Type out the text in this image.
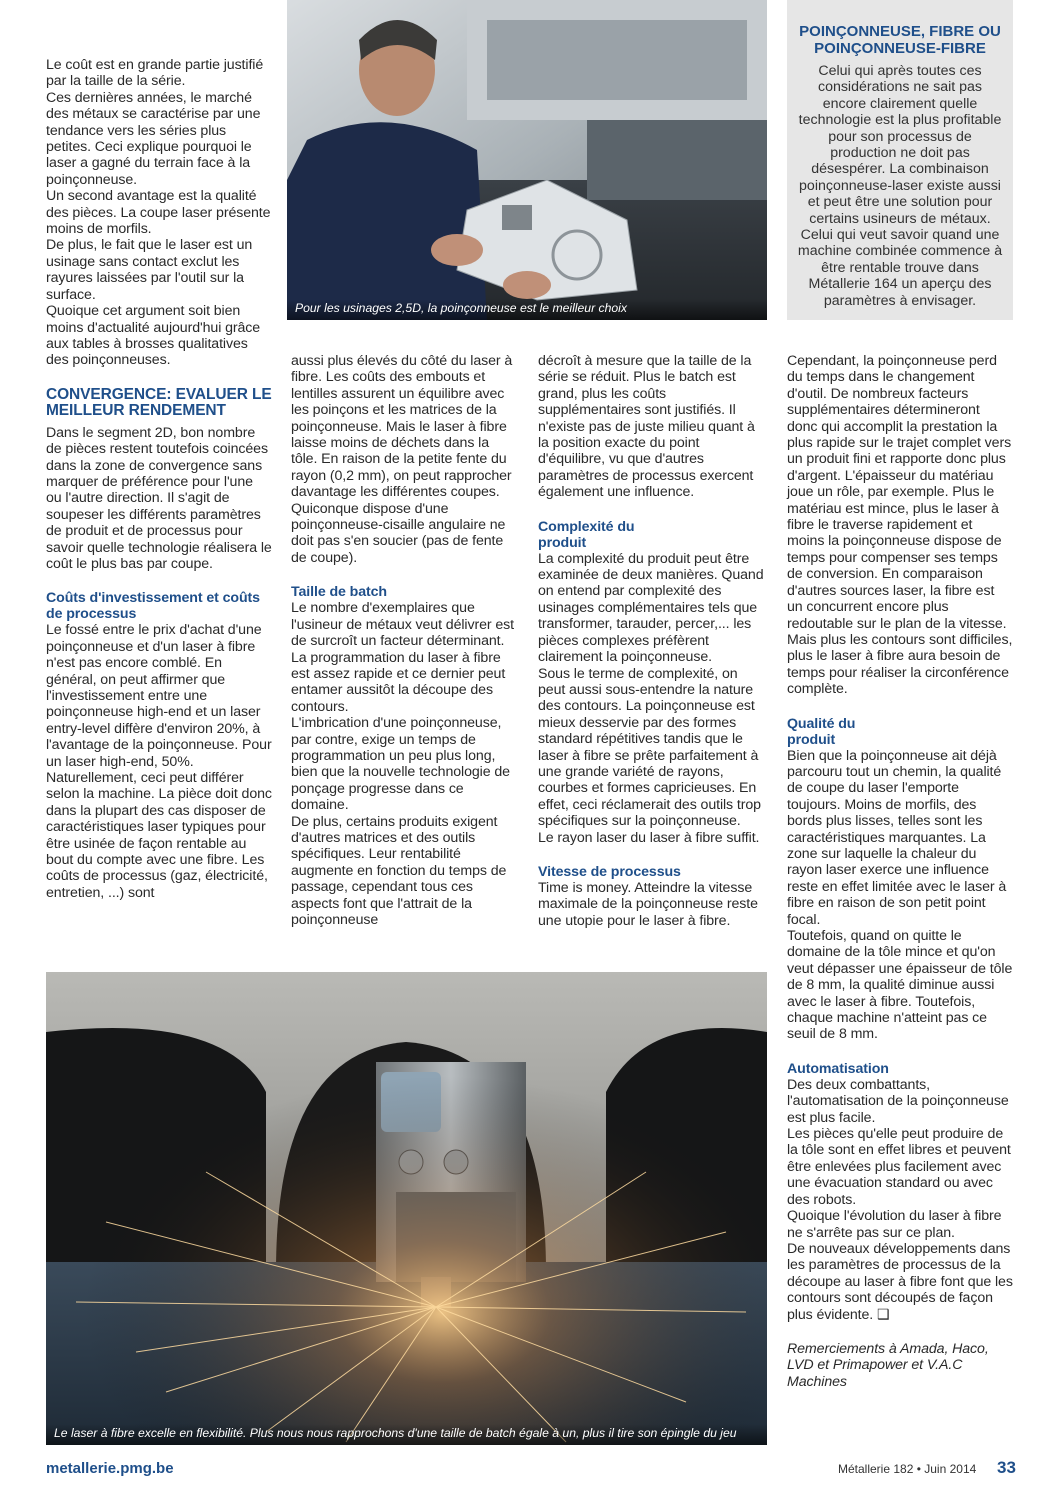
Pour les usinages 2,5D, la poinçonneuse est le meilleur choix
POINÇONNEUSE, FIBRE OU POINÇONNEUSE-FIBRE
Celui qui après toutes ces considérations ne sait pas encore clairement quelle technologie est la plus profitable pour son processus de production ne doit pas désespérer. La combinaison poinçonneuse-laser existe aussi et peut être une solution pour certains usineurs de métaux. Celui qui veut savoir quand une machine combinée commence à être rentable trouve dans Métallerie 164 un aperçu des paramètres à envisager.

Le coût est en grande partie justifié par la taille de la série.

Ces dernières années, le marché des métaux se caractérise par une tendance vers les séries plus petites. Ceci explique pourquoi le laser a gagné du terrain face à la poinçonneuse.

Un second avantage est la qualité des pièces. La coupe laser présente moins de morfils.

De plus, le fait que le laser est un usinage sans contact exclut les rayures laissées par l'outil sur la surface.

Quoique cet argument soit bien moins d'actualité aujourd'hui grâce aux tables à brosses qualitatives des poinçonneuses.

CONVERGENCE: EVALUER LE MEILLEUR RENDEMENT

Dans le segment 2D, bon nombre de pièces restent toutefois coincées dans la zone de convergence sans marquer de préférence pour l'une ou l'autre direction. Il s'agit de soupeser les différents paramètres de produit et de processus pour savoir quelle technologie réalisera le coût le plus bas par coupe.

Coûts d'investissement et coûts de processus

Le fossé entre le prix d'achat d'une poinçonneuse et d'un laser à fibre n'est pas encore comblé. En général, on peut affirmer que l'investissement entre une poinçonneuse high-end et un laser entry-level diffère d'environ 20%, à l'avantage de la poinçonneuse. Pour un laser high-end, 50%. Naturellement, ceci peut différer selon la machine. La pièce doit donc dans la plupart des cas disposer de caractéristiques laser typiques pour être usinée de façon rentable au bout du compte avec une fibre. Les coûts de processus (gaz, électricité, entretien, ...) sont

aussi plus élevés du côté du laser à fibre. Les coûts des embouts et lentilles assurent un équilibre avec les poinçons et les matrices de la poinçonneuse. Mais le laser à fibre laisse moins de déchets dans la tôle. En raison de la petite fente du rayon (0,2 mm), on peut rapprocher davantage les différentes coupes. Quiconque dispose d'une poinçonneuse-cisaille angulaire ne doit pas s'en soucier (pas de fente de coupe).

Taille de batch

Le nombre d'exemplaires que l'usineur de métaux veut délivrer est de surcroît un facteur déterminant. La programmation du laser à fibre est assez rapide et ce dernier peut entamer aussitôt la découpe des contours.

L'imbrication d'une poinçonneuse, par contre, exige un temps de programmation un peu plus long, bien que la nouvelle technologie de ponçage progresse dans ce domaine.

De plus, certains produits exigent d'autres matrices et des outils spécifiques. Leur rentabilité augmente en fonction du temps de passage, cependant tous ces aspects font que l'attrait de la poinçonneuse

décroît à mesure que la taille de la série se réduit. Plus le batch est grand, plus les coûts supplémentaires sont justifiés. Il n'existe pas de juste milieu quant à la position exacte du point d'équilibre, vu que d'autres paramètres de processus exercent également une influence.

Complexité du produit

La complexité du produit peut être examinée de deux manières. Quand on entend par complexité des usinages complémentaires tels que transformer, tarauder, percer,... les pièces complexes préfèrent clairement la poinçonneuse.

Sous le terme de complexité, on peut aussi sous-entendre la nature des contours. La poinçonneuse est mieux desservie par des formes standard répétitives tandis que le laser à fibre se prête parfaitement à une grande variété de rayons, courbes et formes capricieuses. En effet, ceci réclamerait des outils trop spécifiques sur la poinçonneuse.

Le rayon laser du laser à fibre suffit.

Vitesse de processus

Time is money. Atteindre la vitesse maximale de la poinçonneuse reste une utopie pour le laser à fibre.

Cependant, la poinçonneuse perd du temps dans le changement d'outil. De nombreux facteurs supplémentaires détermineront donc qui accomplit la prestation la plus rapide sur le trajet complet vers un produit fini et rapporte donc plus d'argent. L'épaisseur du matériau joue un rôle, par exemple. Plus le matériau est mince, plus le laser à fibre le traverse rapidement et moins la poinçonneuse dispose de temps pour compenser ses temps de conversion. En comparaison d'autres sources laser, la fibre est un concurrent encore plus redoutable sur le plan de la vitesse.

Mais plus les contours sont difficiles, plus le laser à fibre aura besoin de temps pour réaliser la circonférence complète.

Qualité du produit

Bien que la poinçonneuse ait déjà parcouru tout un chemin, la qualité de coupe du laser l'emporte toujours. Moins de morfils, des bords plus lisses, telles sont les caractéristiques marquantes. La zone sur laquelle la chaleur du rayon laser exerce une influence reste en effet limitée avec le laser à fibre en raison de son petit point focal.

Toutefois, quand on quitte le domaine de la tôle mince et qu'on veut dépasser une épaisseur de tôle de 8 mm, la qualité diminue aussi avec le laser à fibre. Toutefois, chaque machine n'atteint pas ce seuil de 8 mm.

Automatisation

Des deux combattants, l'automatisation de la poinçonneuse est plus facile.

Les pièces qu'elle peut produire de la tôle sont en effet libres et peuvent être enlevées plus facilement avec une évacuation standard ou avec des robots.

Quoique l'évolution du laser à fibre ne s'arrête pas sur ce plan.

De nouveaux développements dans les paramètres de processus de la découpe au laser à fibre font que les contours sont découpés de façon plus évidente. ❑

Remerciements à Amada, Haco, LVD et Primapower et V.A.C Machines

Le laser à fibre excelle en flexibilité. Plus nous nous rapprochons d'une taille de batch égale à un, plus il tire son épingle du jeu
metallerie.pmg.be	Métallerie 182 • Juin 2014 33
